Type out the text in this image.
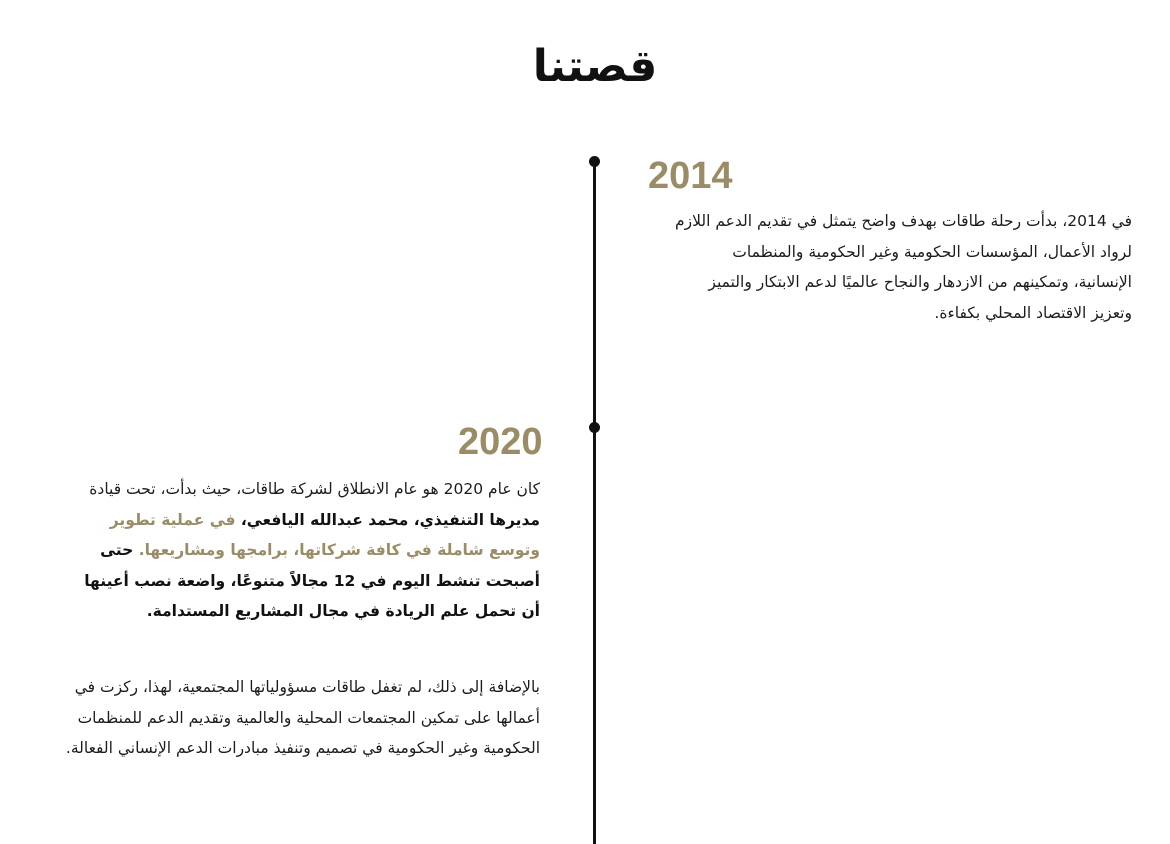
قصتنا
2014

في 2014، بدأت رحلة طاقات بهدف واضح يتمثل في تقديم الدعم اللازم لرواد الأعمال، المؤسسات الحكومية وغير الحكومية والمنظمات الإنسانية، وتمكينهم من الازدهار والنجاح عالميًا لدعم الابتكار والتميز وتعزيز الاقتصاد المحلي بكفاءة.

2020

كان عام 2020 هو عام الانطلاق لشركة طاقات، حيث بدأت، تحت قيادة مديرها التنفيذي، محمد عبدالله اليافعي، في عملية تطوير وتوسع شاملة في كافة شركاتها، برامجها ومشاريعها. حتى أصبحت تنشط اليوم في 12 مجالاً متنوعًا، واضعة نصب أعينها أن تحمل علم الريادة في مجال المشاريع المستدامة.

بالإضافة إلى ذلك، لم تغفل طاقات مسؤولياتها المجتمعية، لهذا، ركزت في أعمالها على تمكين المجتمعات المحلية والعالمية وتقديم الدعم للمنظمات الحكومية وغير الحكومية في تصميم وتنفيذ مبادرات الدعم الإنساني الفعالة.
